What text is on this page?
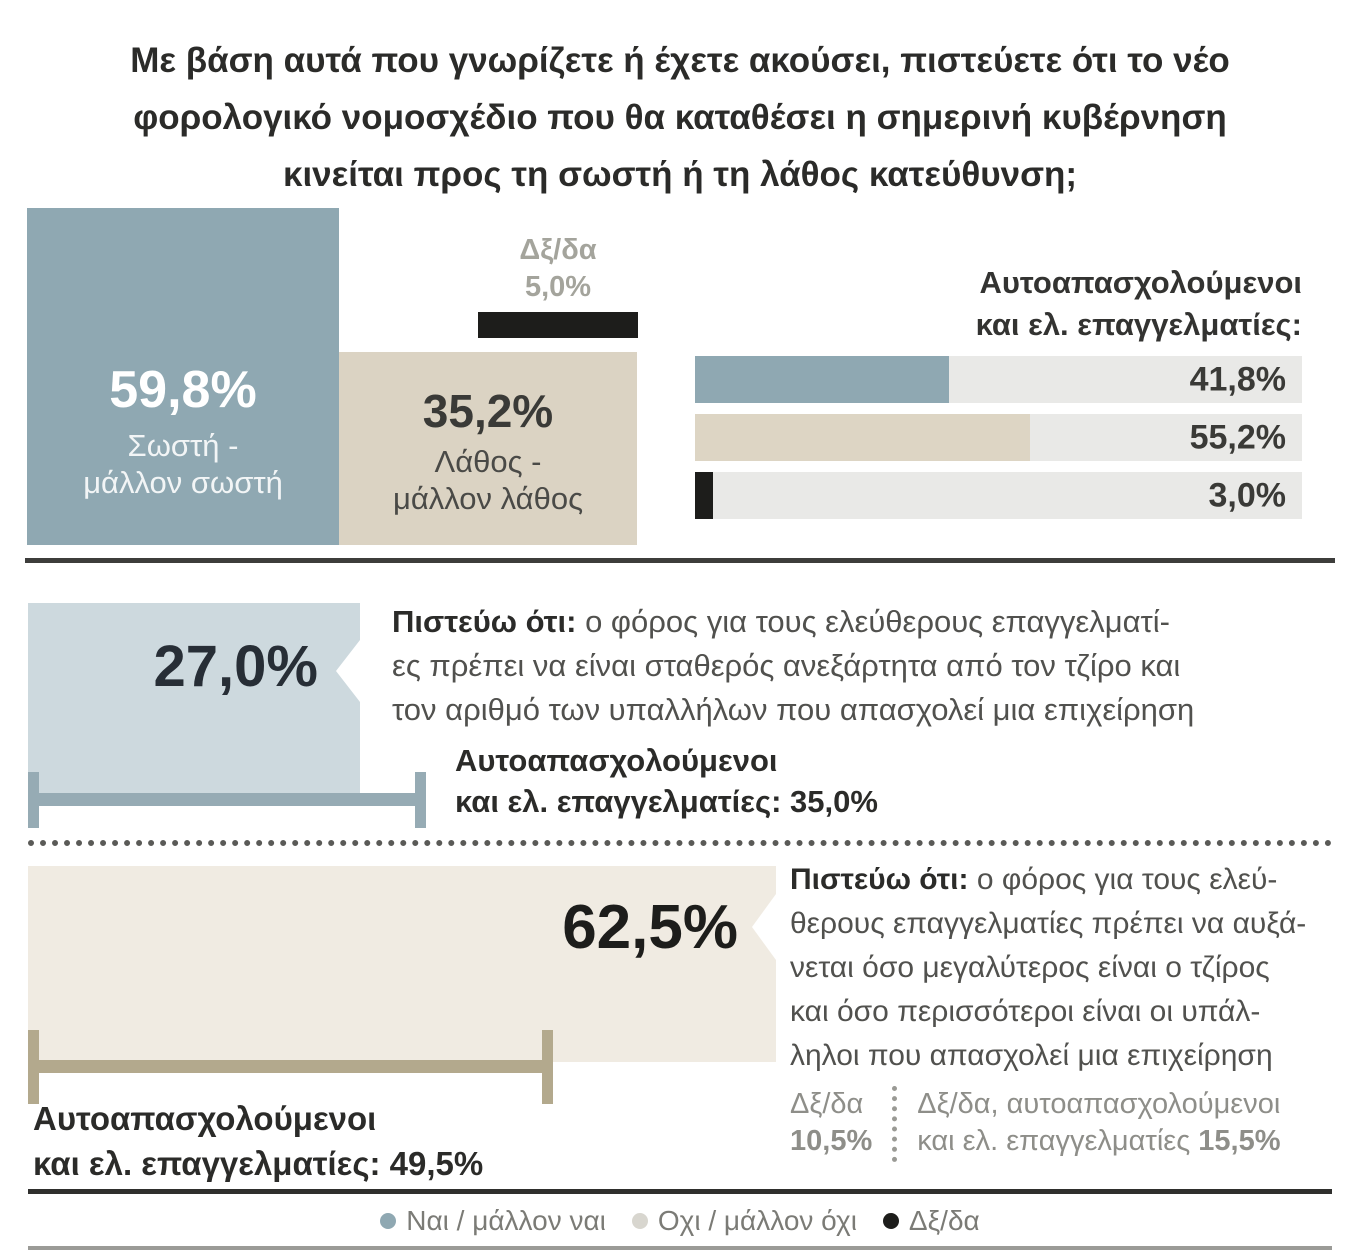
Με βάση αυτά που γνωρίζετε ή έχετε ακούσει, πιστεύετε ότι το νέο
φορολογικό νομοσχέδιο που θα καταθέσει η σημερινή κυβέρνηση
κινείται προς τη σωστή ή τη λάθος κατεύθυνση;
59,8%
Σωστή -
μάλλον σωστή
35,2%
Λάθος -
μάλλον λάθος
Δξ/δα
5,0%	Αυτοαπασχολούμενοι
και ελ. επαγγελματίες:
41,8%
55,2%
3,0%
27,0%
Πιστεύω ότι: ο φόρος για τους ελεύθερους επαγγελματί-
ες πρέπει να είναι σταθερός ανεξάρτητα από τον τζίρο και
τον αριθμό των υπαλλήλων που απασχολεί μια επιχείρηση
Αυτοαπασχολούμενοι
και ελ. επαγγελματίες: 35,0%
62,5%
Πιστεύω ότι: ο φόρος για τους ελεύ-
θερους επαγγελματίες πρέπει να αυξά-
νεται όσο μεγαλύτερος είναι ο τζίρος
και όσο περισσότεροι είναι οι υπάλ-
ληλοι που απασχολεί μια επιχείρηση
Αυτοαπασχολούμενοι
και ελ. επαγγελματίες: 49,5%
Δξ/δα
10,5%
Δξ/δα, αυτοαπασχολούμενοι
και ελ. επαγγελματίες 15,5%
Ναι / μάλλον ναι Οχι / μάλλον όχι Δξ/δα
